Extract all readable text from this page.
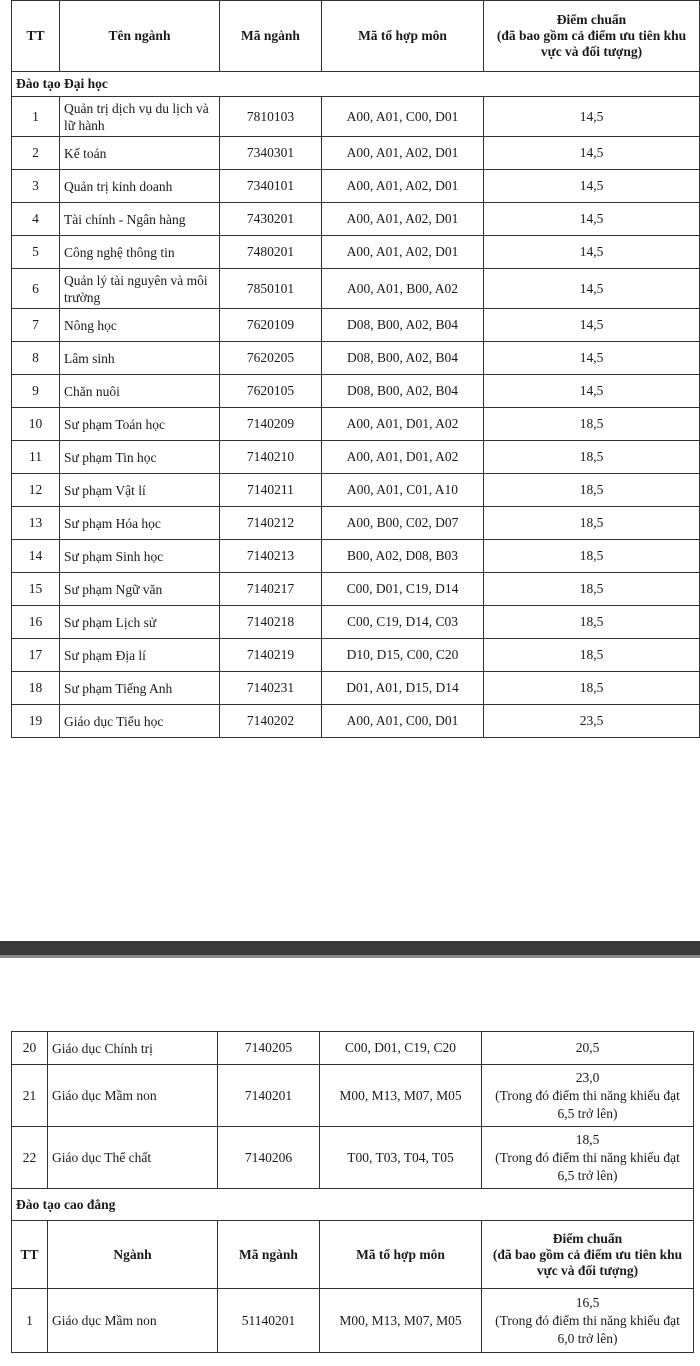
TT	Tên ngành	Mã ngành	Mã tổ hợp môn	Điểm chuẩn
(đã bao gồm cả điểm ưu tiên khu vực và đối tượng)

Đào tạo Đại học				
1	Quản trị dịch vụ du lịch và lữ hành	7810103	A00, A01, C00, D01	14,5

2	Kế toán	7340301	A00, A01, A02, D01	14,5

3	Quản trị kinh doanh	7340101	A00, A01, A02, D01	14,5

4	Tài chính - Ngân hàng	7430201	A00, A01, A02, D01	14,5

5	Công nghệ thông tin	7480201	A00, A01, A02, D01	14,5

6	Quản lý tài nguyên và môi trường	7850101	A00, A01, B00, A02	14,5

7	Nông học	7620109	D08, B00, A02, B04	14,5

8	Lâm sinh	7620205	D08, B00, A02, B04	14,5

9	Chăn nuôi	7620105	D08, B00, A02, B04	14,5

10	Sư phạm Toán học	7140209	A00, A01, D01, A02	18,5

11	Sư phạm Tin học	7140210	A00, A01, D01, A02	18,5

12	Sư phạm Vật lí	7140211	A00, A01, C01, A10	18,5

13	Sư phạm Hóa học	7140212	A00, B00, C02, D07	18,5

14	Sư phạm Sinh học	7140213	B00, A02, D08, B03	18,5

15	Sư phạm Ngữ văn	7140217	C00, D01, C19, D14	18,5

16	Sư phạm Lịch sử	7140218	C00, C19, D14, C03	18,5

17	Sư phạm Địa lí	7140219	D10, D15, C00, C20	18,5

18	Sư phạm Tiếng Anh	7140231	D01, A01, D15, D14	18,5

19	Giáo dục Tiểu học	7140202	A00, A01, C00, D01	23,5
20	Giáo dục Chính trị	7140205	C00, D01, C19, C20	20,5

21	Giáo dục Mầm non	7140201	M00, M13, M07, M05	23,0
(Trong đó điểm thi năng khiếu đạt 6,5 trở lên)

22	Giáo dục Thể chất	7140206	T00, T03, T04, T05	18,5
(Trong đó điểm thi năng khiếu đạt 6,5 trở lên)

Đào tạo cao đẳng				
TT	Ngành	Mã ngành	Mã tổ hợp môn	Điểm chuẩn
(đã bao gồm cả điểm ưu tiên khu vực và đối tượng)

1	Giáo dục Mầm non	51140201	M00, M13, M07, M05	16,5
(Trong đó điểm thi năng khiếu đạt 6,0 trở lên)
